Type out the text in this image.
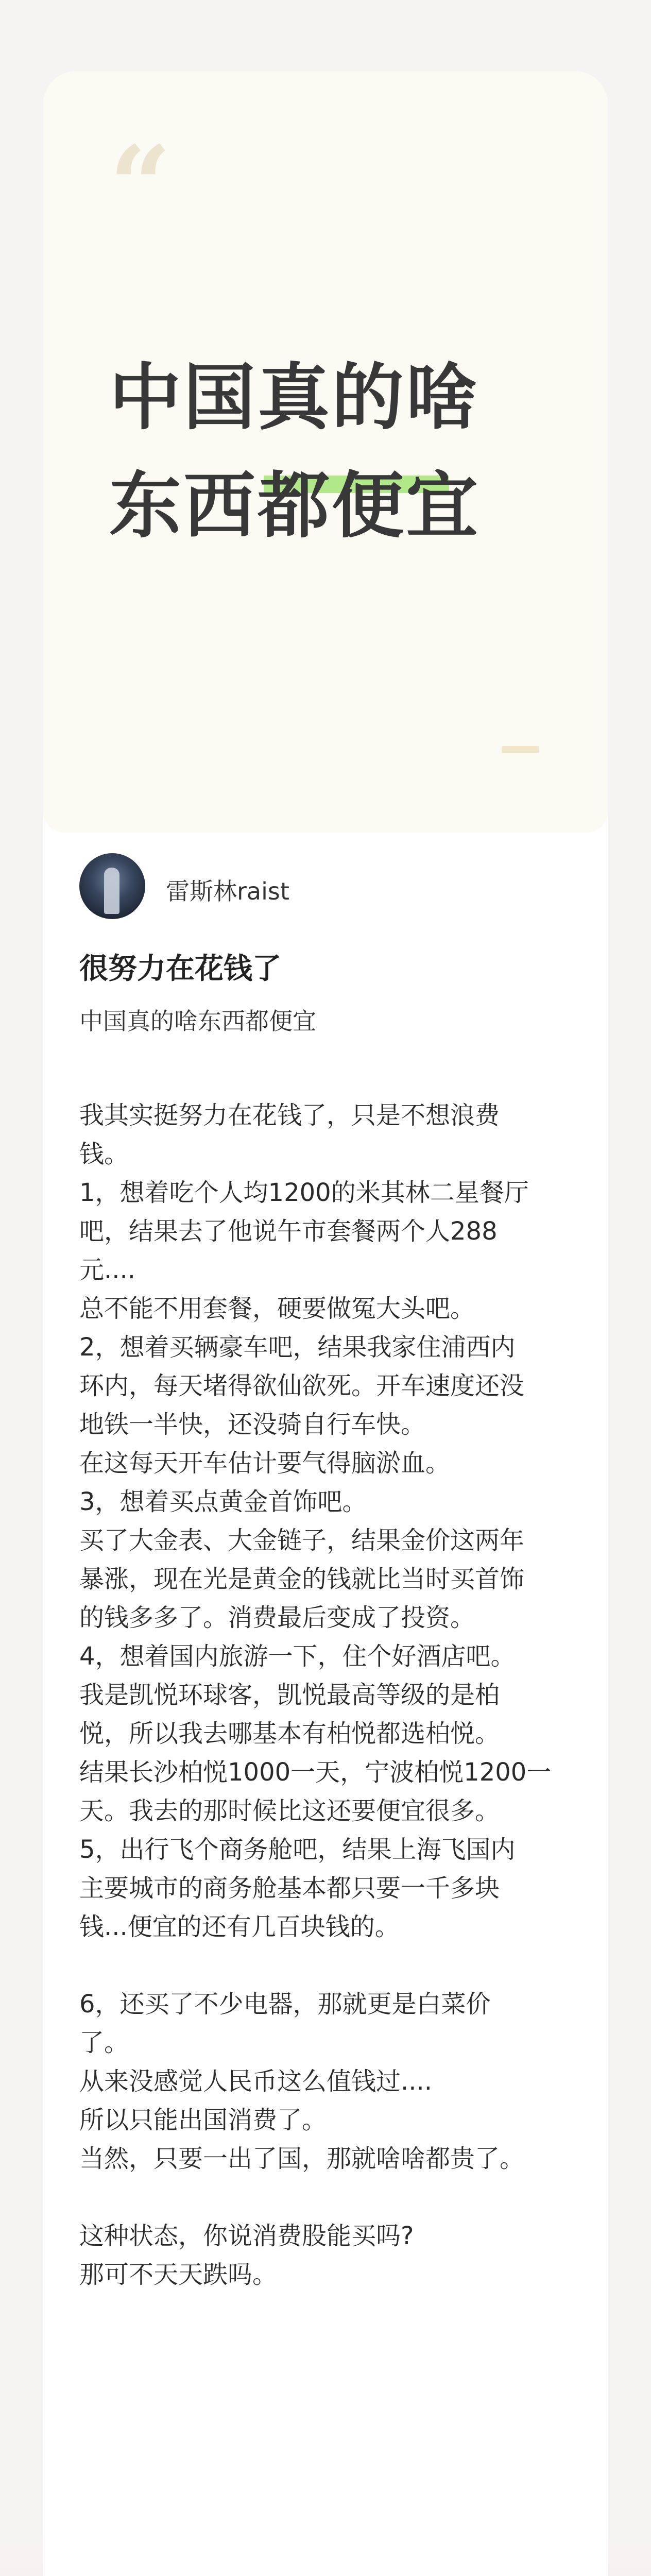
“
中国真的啥
东西都便宜
雷斯林raist
很努力在花钱了
中国真的啥东西都便宜
我其实挺努力在花钱了，只是不想浪费
钱。
1，想着吃个人均1200的米其林二星餐厅
吧，结果去了他说午市套餐两个人288
元....
总不能不用套餐，硬要做冤大头吧。
2，想着买辆豪车吧，结果我家住浦西内
环内，每天堵得欲仙欲死。开车速度还没
地铁一半快，还没骑自行车快。
在这每天开车估计要气得脑淤血。
3，想着买点黄金首饰吧。
买了大金表、大金链子，结果金价这两年
暴涨，现在光是黄金的钱就比当时买首饰
的钱多多了。消费最后变成了投资。
4，想着国内旅游一下，住个好酒店吧。
我是凯悦环球客，凯悦最高等级的是柏
悦，所以我去哪基本有柏悦都选柏悦。
结果长沙柏悦1000一天，宁波柏悦1200一
天。我去的那时候比这还要便宜很多。
5，出行飞个商务舱吧，结果上海飞国内
主要城市的商务舱基本都只要一千多块
钱...便宜的还有几百块钱的。
6，还买了不少电器，那就更是白菜价
了。
从来没感觉人民币这么值钱过....
所以只能出国消费了。
当然，只要一出了国，那就啥啥都贵了。
这种状态，你说消费股能买吗?
那可不天天跌吗。
